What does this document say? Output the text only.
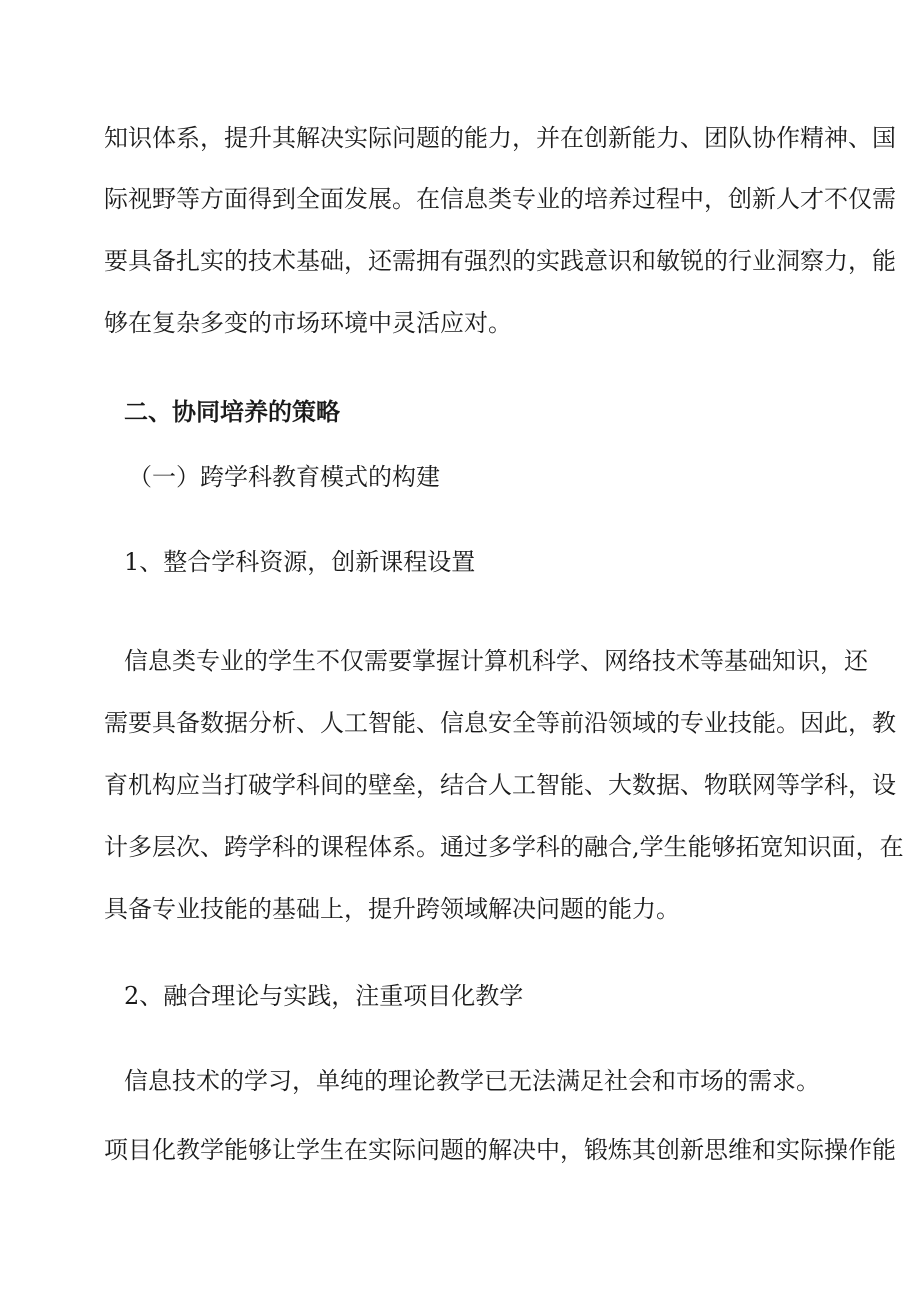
知识体系，提升其解决实际问题的能力，并在创新能力、团队协作精神、国
际视野等方面得到全面发展。在信息类专业的培养过程中，创新人才不仅需
要具备扎实的技术基础，还需拥有强烈的实践意识和敏锐的行业洞察力，能
够在复杂多变的市场环境中灵活应对。
二、协同培养的策略
（一）跨学科教育模式的构建
1、整合学科资源，创新课程设置
信息类专业的学生不仅需要掌握计算机科学、网络技术等基础知识，还
需要具备数据分析、人工智能、信息安全等前沿领域的专业技能。因此，教
育机构应当打破学科间的壁垒，结合人工智能、大数据、物联网等学科，设
计多层次、跨学科的课程体系。通过多学科的融合,学生能够拓宽知识面，在
具备专业技能的基础上，提升跨领域解决问题的能力。
2、融合理论与实践，注重项目化教学
信息技术的学习，单纯的理论教学已无法满足社会和市场的需求。
项目化教学能够让学生在实际问题的解决中，锻炼其创新思维和实际操作能
